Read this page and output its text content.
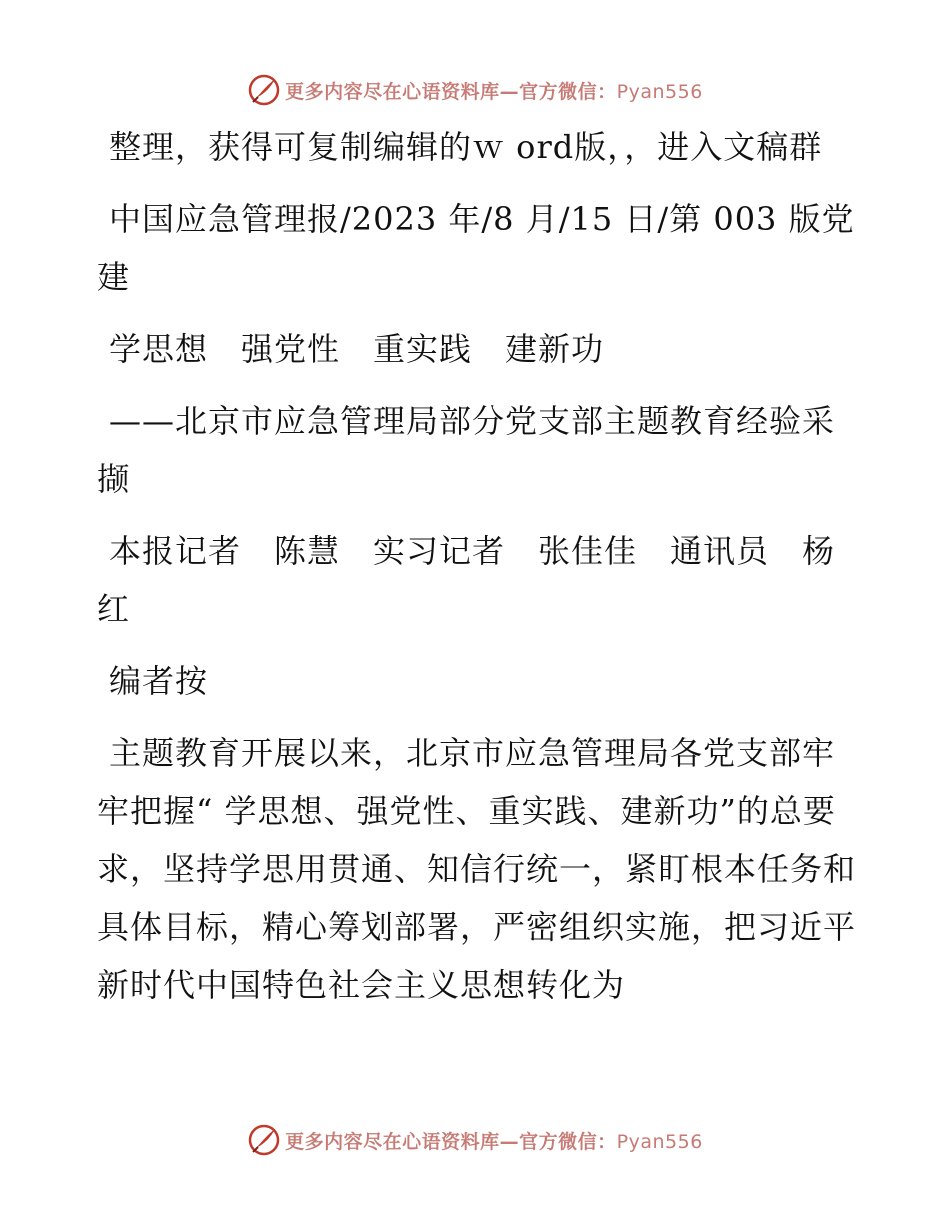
更多内容尽在心语资料库—官方微信：Pyan556

整理，获得可复制编辑的ｗ ord版，，进入文稿群

中国应急管理报/2023 年/8 月/15 日/第 003 版党建

学思想　强党性　重实践　建新功

——北京市应急管理局部分党支部主题教育经验采撷

本报记者　陈慧　实习记者　张佳佳　通讯员　杨红

编者按

主题教育开展以来，北京市应急管理局各党支部牢牢把握“ 学思想、强党性、重实践、建新功”的总要求，坚持学思用贯通、知信行统一，紧盯根本任务和具体目标，精心筹划部署，严密组织实施，把习近平新时代中国特色社会主义思想转化为

更多内容尽在心语资料库—官方微信：Pyan556
